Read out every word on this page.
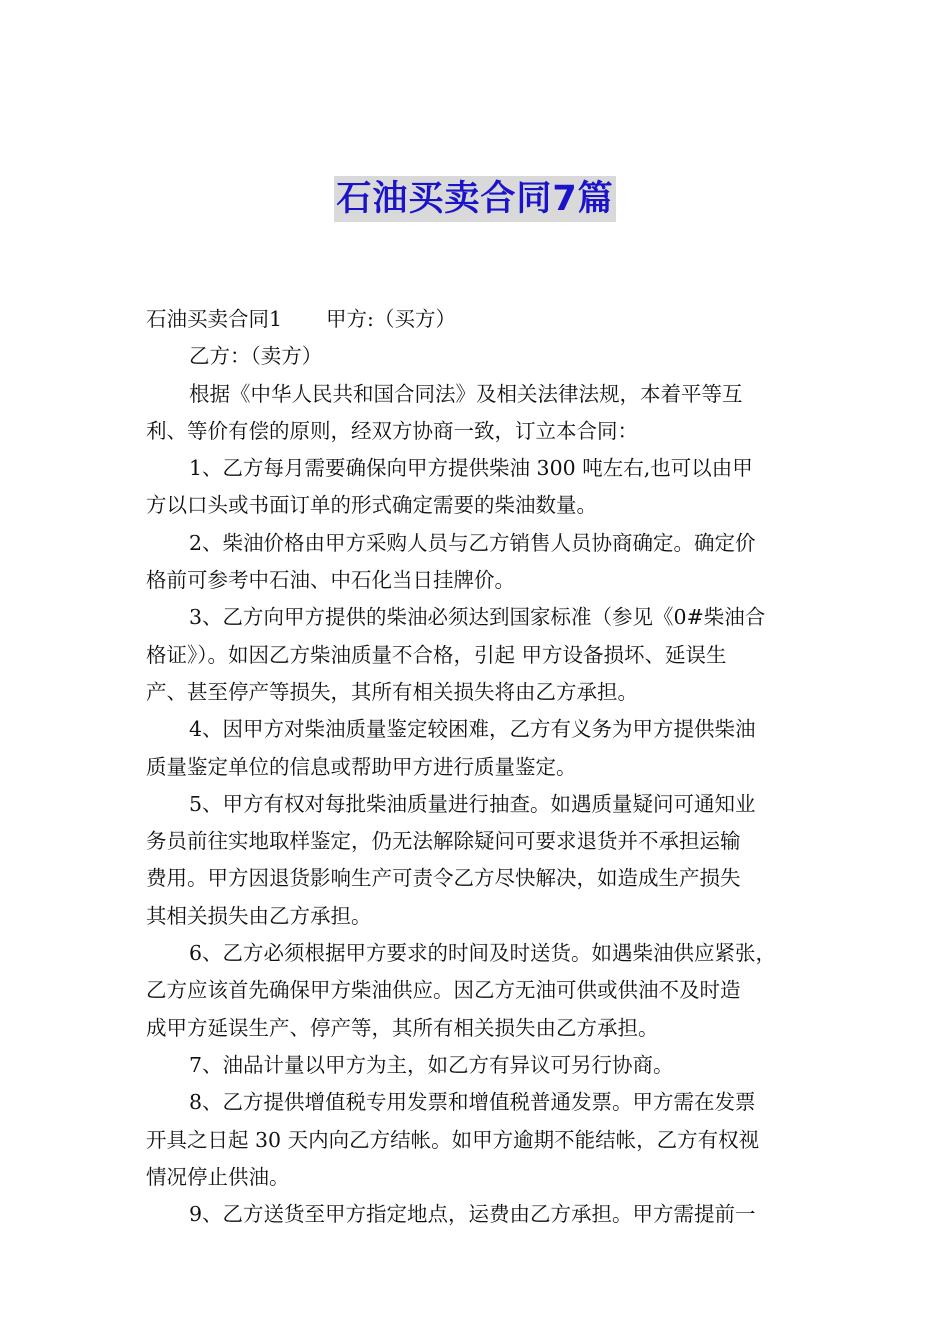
石油买卖合同7篇
石油买卖合同1 甲方:（买方）
乙方：（卖方）
根据《中华人民共和国合同法》及相关法律法规，本着平等互
利、等价有偿的原则，经双方协商一致，订立本合同：
1、乙方每月需要确保向甲方提供柴油 300 吨左右,也可以由甲
方以口头或书面订单的形式确定需要的柴油数量。
2、柴油价格由甲方采购人员与乙方销售人员协商确定。确定价
格前可参考中石油、中石化当日挂牌价。
3、乙方向甲方提供的柴油必须达到国家标准（参见《0#柴油合
格证》）。如因乙方柴油质量不合格，引起 甲方设备损坏、延误生
产、甚至停产等损失，其所有相关损失将由乙方承担。
4、因甲方对柴油质量鉴定较困难，乙方有义务为甲方提供柴油
质量鉴定单位的信息或帮助甲方进行质量鉴定。
5、甲方有权对每批柴油质量进行抽查。如遇质量疑问可通知业
务员前往实地取样鉴定，仍无法解除疑问可要求退货并不承担运输
费用。甲方因退货影响生产可责令乙方尽快解决，如造成生产损失
其相关损失由乙方承担。
6、乙方必须根据甲方要求的时间及时送货。如遇柴油供应紧张，
乙方应该首先确保甲方柴油供应。因乙方无油可供或供油不及时造
成甲方延误生产、停产等，其所有相关损失由乙方承担。
7、油品计量以甲方为主，如乙方有异议可另行协商。
8、乙方提供增值税专用发票和增值税普通发票。甲方需在发票
开具之日起 30 天内向乙方结帐。如甲方逾期不能结帐，乙方有权视
情况停止供油。
9、乙方送货至甲方指定地点，运费由乙方承担。甲方需提前一
